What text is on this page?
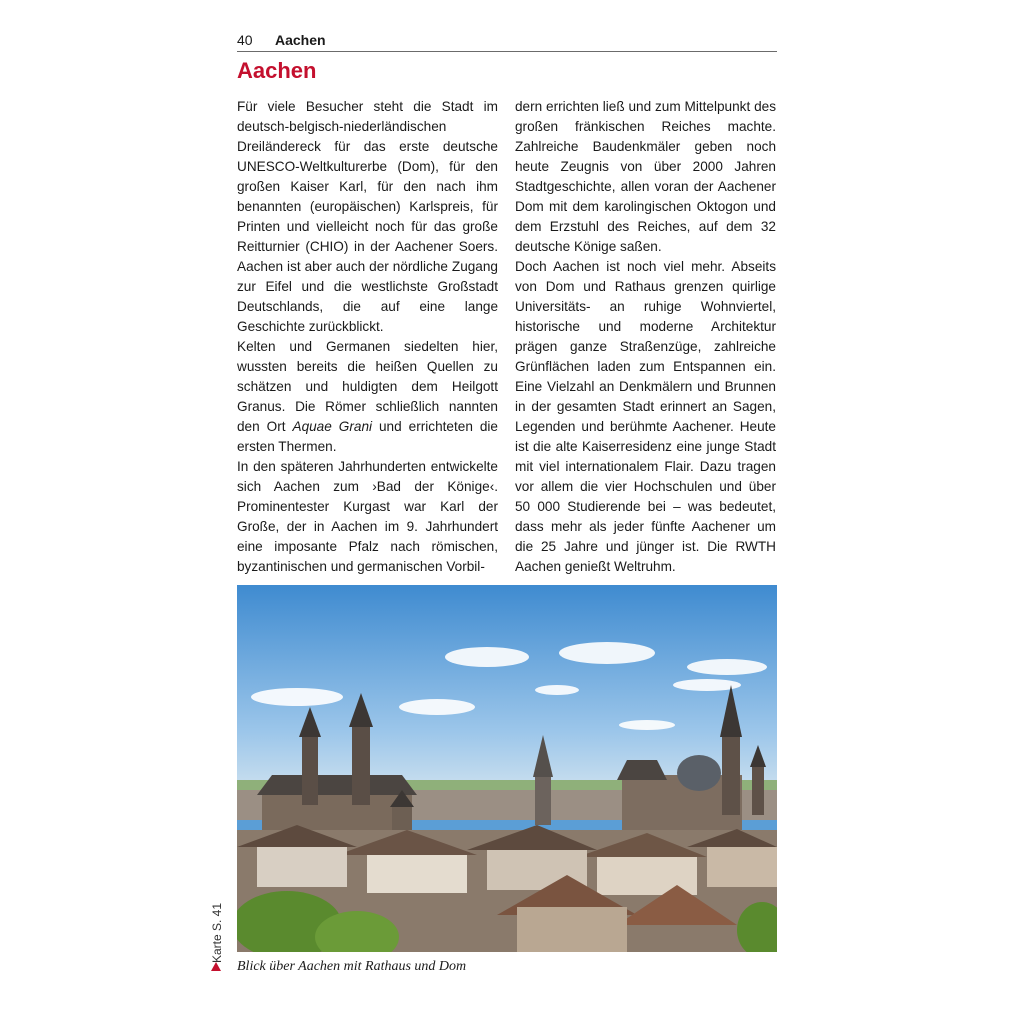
40 Aachen
Aachen

Für viele Besucher steht die Stadt im deutsch-belgisch-niederländischen Dreiländereck für das erste deutsche UNESCO-Weltkulturerbe (Dom), für den großen Kaiser Karl, für den nach ihm benannten (europäischen) Karlspreis, für Printen und vielleicht noch für das große Reitturnier (CHIO) in der Aachener Soers. Aachen ist aber auch der nördliche Zugang zur Eifel und die westlichste Großstadt Deutschlands, die auf eine lange Geschichte zurückblickt.

Kelten und Germanen siedelten hier, wussten bereits die heißen Quellen zu schätzen und huldigten dem Heilgott Granus. Die Römer schließlich nannten den Ort Aquae Grani und errichteten die ersten Thermen.

In den späteren Jahrhunderten entwickelte sich Aachen zum ›Bad der Könige‹. Prominentester Kurgast war Karl der Große, der in Aachen im 9. Jahrhundert eine imposante Pfalz nach römischen, byzantinischen und germanischen Vorbil-

dern errichten ließ und zum Mittelpunkt des großen fränkischen Reiches machte. Zahlreiche Baudenkmäler geben noch heute Zeugnis von über 2000 Jahren Stadtgeschichte, allen voran der Aachener Dom mit dem karolingischen Oktogon und dem Erzstuhl des Reiches, auf dem 32 deutsche Könige saßen.

Doch Aachen ist noch viel mehr. Abseits von Dom und Rathaus grenzen quirlige Universitäts- an ruhige Wohnviertel, historische und moderne Architektur prägen ganze Straßenzüge, zahlreiche Grünflächen laden zum Entspannen ein. Eine Vielzahl an Denkmälern und Brunnen in der gesamten Stadt erinnert an Sagen, Legenden und berühmte Aachener. Heute ist die alte Kaiserresidenz eine junge Stadt mit viel internationalem Flair. Dazu tragen vor allem die vier Hochschulen und über 50 000 Studierende bei – was bedeutet, dass mehr als jeder fünfte Aachener um die 25 Jahre und jünger ist. Die RWTH Aachen genießt Weltruhm.

Blick über Aachen mit Rathaus und Dom

Karte S. 41
